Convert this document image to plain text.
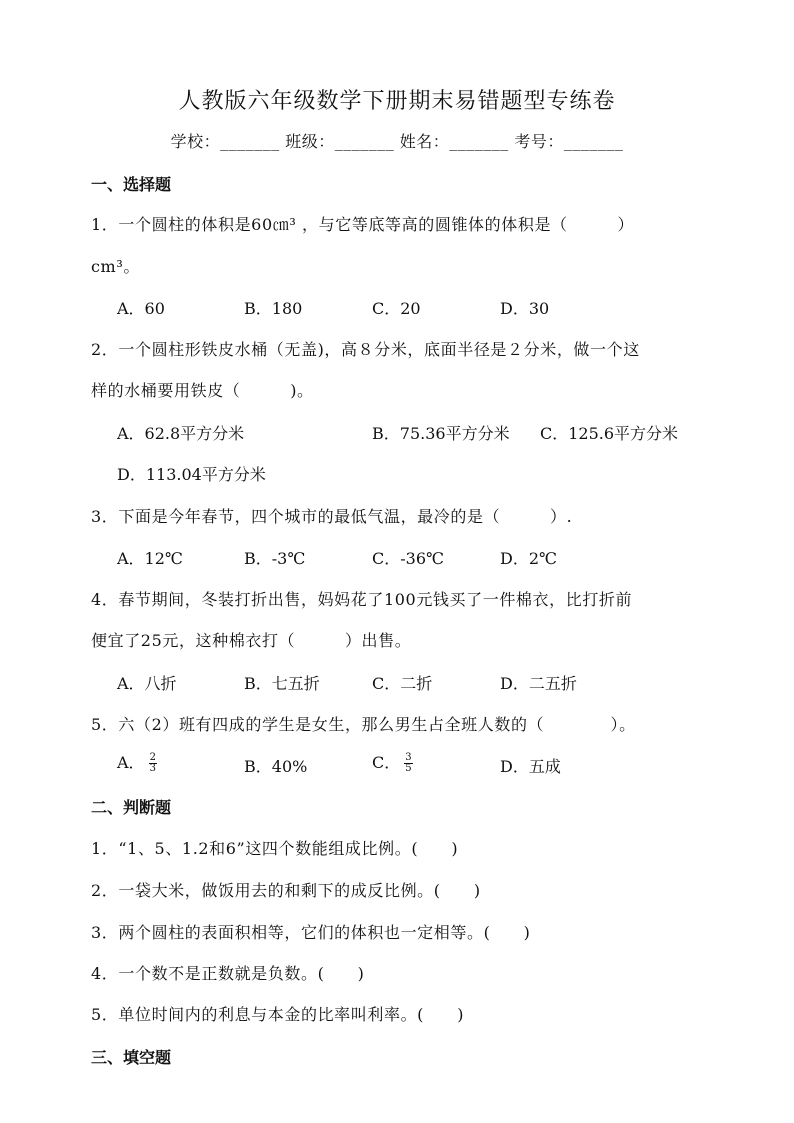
人教版六年级数学下册期末易错题型专练卷
学校：_______ 班级：_______ 姓名：_______ 考号：_______
一、选择题
1．一个圆柱的体积是60㎝³ ，与它等底等高的圆锥体的体积是（　　　）
cm³。
A．60	B．180	C．20	D．30
2．一个圆柱形铁皮水桶（无盖)，高８分米，底面半径是２分米，做一个这
样的水桶要用铁皮（　　　)。
A．62.8平方分米	B．75.36平方分米 C．125.6平方分米
D．113.04平方分米
3．下面是今年春节，四个城市的最低气温，最冷的是（　　　）.
A．12℃	B．-3℃	C．-36℃	D．2℃
4．春节期间，冬装打折出售，妈妈花了100元钱买了一件棉衣，比打折前
便宜了25元，这种棉衣打（　　　）出售。
A．八折	B．七五折	C．二折	D．二五折
5．六（2）班有四成的学生是女生，那么男生占全班人数的（　　　　）。
A． $\frac{2}{3}$	B．40%	C． $\frac{3}{5}$	D．五成
二、判断题
1．“1、5、1.2和6”这四个数能组成比例。(　　)
2．一袋大米，做饭用去的和剩下的成反比例。(　　)
3．两个圆柱的表面积相等，它们的体积也一定相等。(　　)
4．一个数不是正数就是负数。(　　)
5．单位时间内的利息与本金的比率叫利率。(　　)
三、填空题
